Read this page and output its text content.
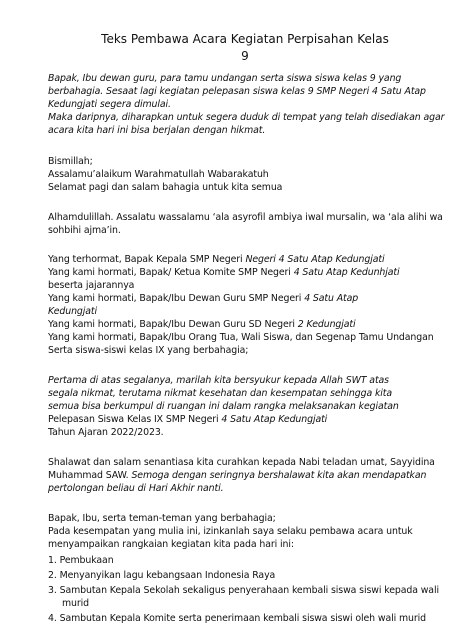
Teks Pembawa Acara Kegiatan Perpisahan Kelas
9
Bapak, Ibu dewan guru, para tamu undangan serta siswa siswa kelas 9 yang
berbahagia. Sesaat lagi kegiatan pelepasan siswa kelas 9 SMP Negeri 4 Satu Atap
Kedungjati segera dimulai.
Maka daripnya, diharapkan untuk segera duduk di tempat yang telah disediakan agar
acara kita hari ini bisa berjalan dengan hikmat.
Bismillah;
Assalamu’alaikum Warahmatullah Wabarakatuh
Selamat pagi dan salam bahagia untuk kita semua
Alhamdulillah. Assalatu wassalamu ‘ala asyrofil ambiya iwal mursalin, wa ‘ala alihi wa
sohbihi ajma’in.
Yang terhormat, Bapak Kepala SMP Negeri Negeri 4 Satu Atap Kedungjati
Yang kami hormati, Bapak/ Ketua Komite SMP Negeri 4 Satu Atap Kedunhjati
beserta jajarannya
Yang kami hormati, Bapak/Ibu Dewan Guru SMP Negeri 4 Satu Atap
Kedungjati
Yang kami hormati, Bapak/Ibu Dewan Guru SD Negeri 2 Kedungjati
Yang kami hormati, Bapak/Ibu Orang Tua, Wali Siswa, dan Segenap Tamu Undangan
Serta siswa-siswi kelas IX yang berbahagia;
Pertama di atas segalanya, marilah kita bersyukur kepada Allah SWT atas
segala nikmat, terutama nikmat kesehatan dan kesempatan sehingga kita
semua bisa berkumpul di ruangan ini dalam rangka melaksanakan kegiatan
Pelepasan Siswa Kelas IX SMP Negeri 4 Satu Atap Kedungjati
Tahun Ajaran 2022/2023.
Shalawat dan salam senantiasa kita curahkan kepada Nabi teladan umat, Sayyidina
Muhammad SAW. Semoga dengan seringnya bershalawat kita akan mendapatkan
pertolongan beliau di Hari Akhir nanti.
Bapak, Ibu, serta teman-teman yang berbahagia;
Pada kesempatan yang mulia ini, izinkanlah saya selaku pembawa acara untuk
menyampaikan rangkaian kegiatan kita pada hari ini:
1. Pembukaan
2. Menyanyikan lagu kebangsaan Indonesia Raya
3. Sambutan Kepala Sekolah sekaligus penyerahaan kembali siswa siswi kepada wali
murid
4. Sambutan Kepala Komite serta penerimaan kembali siswa siswi oleh wali murid
